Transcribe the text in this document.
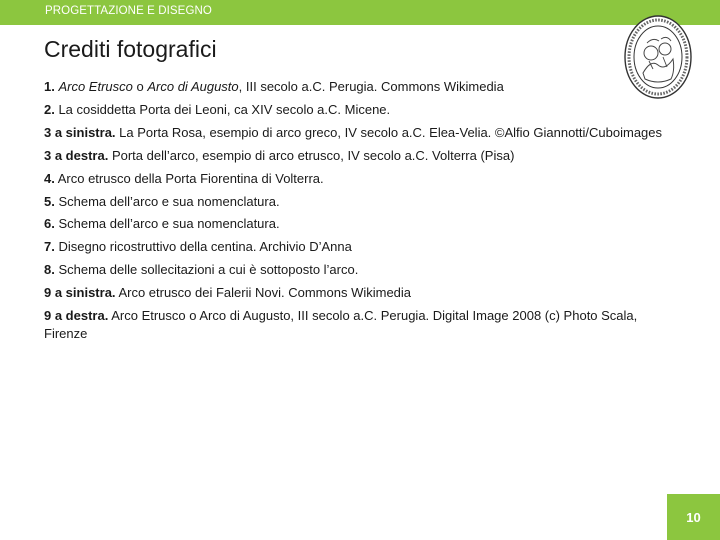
PROGETTAZIONE E DISEGNO
Crediti fotografici

1. Arco Etrusco o Arco di Augusto, III secolo a.C. Perugia. Commons Wikimedia

2. La cosiddetta Porta dei Leoni, ca XIV secolo a.C. Micene.

3 a sinistra. La Porta Rosa, esempio di arco greco, IV secolo a.C. Elea-Velia. ©Alfio Giannotti/Cuboimages

3 a destra. Porta dell’arco, esempio di arco etrusco, IV secolo a.C. Volterra (Pisa)

4. Arco etrusco della Porta Fiorentina di Volterra.

5. Schema dell’arco e sua nomenclatura.

6. Schema dell’arco e sua nomenclatura.

7. Disegno ricostruttivo della centina. Archivio D’Anna

8. Schema delle sollecitazioni a cui è sottoposto l’arco.

9 a sinistra. Arco etrusco dei Falerii Novi. Commons Wikimedia

9 a destra. Arco Etrusco o Arco di Augusto, III secolo a.C. Perugia. Digital Image 2008 (c) Photo Scala, Firenze

10
